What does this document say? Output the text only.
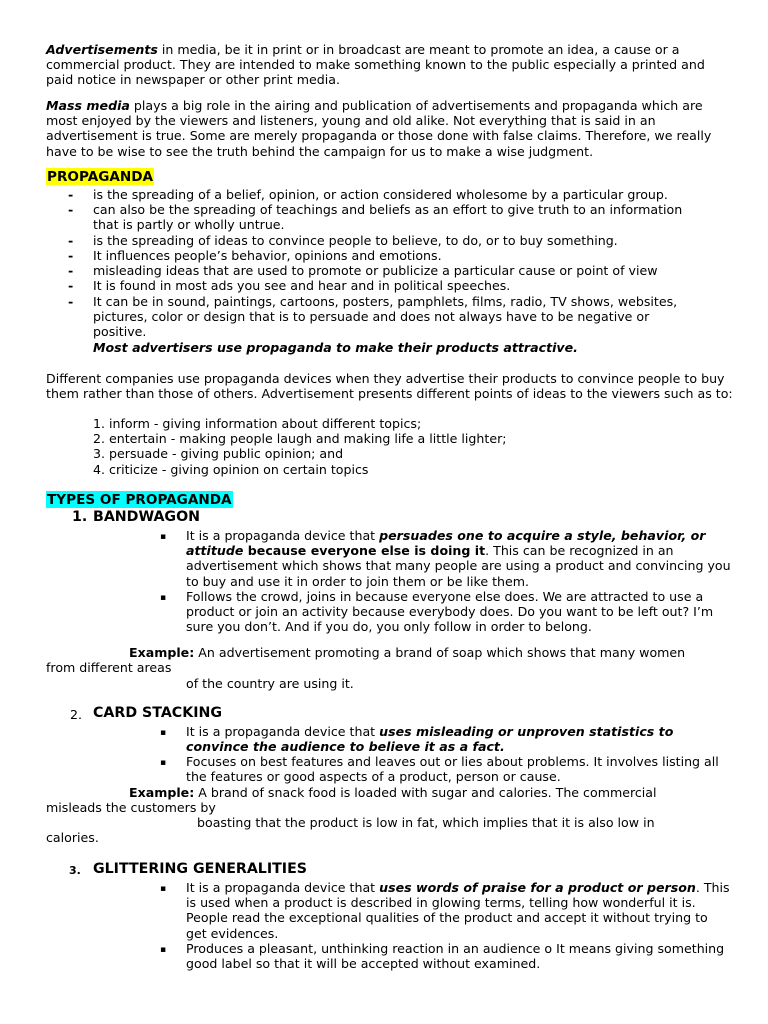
Advertisements in media, be it in print or in broadcast are meant to promote an idea, a cause or a commercial product. They are intended to make something known to the public especially a printed and paid notice in newspaper or other print media.

Mass media plays a big role in the airing and publication of advertisements and propaganda which are most enjoyed by the viewers and listeners, young and old alike. Not everything that is said in an advertisement is true. Some are merely propaganda or those done with false claims. Therefore, we really have to be wise to see the truth behind the campaign for us to make a wise judgment.

PROPAGANDA
- is the spreading of a belief, opinion, or action considered wholesome by a particular group.
- can also be the spreading of teachings and beliefs as an effort to give truth to an information that is partly or wholly untrue.
- is the spreading of ideas to convince people to believe, to do, or to buy something.
- It influences people’s behavior, opinions and emotions.
- misleading ideas that are used to promote or publicize a particular cause or point of view
- It is found in most ads you see and hear and in political speeches.
- It can be in sound, paintings, cartoons, posters, pamphlets, films, radio, TV shows, websites, pictures, color or design that is to persuade and does not always have to be negative or positive.
Most advertisers use propaganda to make their products attractive.

Different companies use propaganda devices when they advertise their products to convince people to buy them rather than those of others. Advertisement presents different points of ideas to the viewers such as to:

1. inform - giving information about different topics;
2. entertain - making people laugh and making life a little lighter;
3. persuade - giving public opinion; and
4. criticize - giving opinion on certain topics
TYPES OF PROPAGANDA
1. BANDWAGON
▪ It is a propaganda device that persuades one to acquire a style, behavior, or attitude because everyone else is doing it. This can be recognized in an advertisement which shows that many people are using a product and convincing you to buy and use it in order to join them or be like them.
▪ Follows the crowd, joins in because everyone else does. We are attracted to use a product or join an activity because everybody does. Do you want to be left out? I’m sure you don’t. And if you do, you only follow in order to belong.
Example: An advertisement promoting a brand of soap which shows that many women
from different areas
of the country are using it.
2. CARD STACKING
▪ It is a propaganda device that uses misleading or unproven statistics to convince the audience to believe it as a fact.
▪ Focuses on best features and leaves out or lies about problems. It involves listing all the features or good aspects of a product, person or cause.
Example: A brand of snack food is loaded with sugar and calories. The commercial
misleads the customers by
boasting that the product is low in fat, which implies that it is also low in
calories.
3. GLITTERING GENERALITIES
▪ It is a propaganda device that uses words of praise for a product or person. This is used when a product is described in glowing terms, telling how wonderful it is. People read the exceptional qualities of the product and accept it without trying to get evidences.
▪ Produces a pleasant, unthinking reaction in an audience o It means giving something good label so that it will be accepted without examined.
